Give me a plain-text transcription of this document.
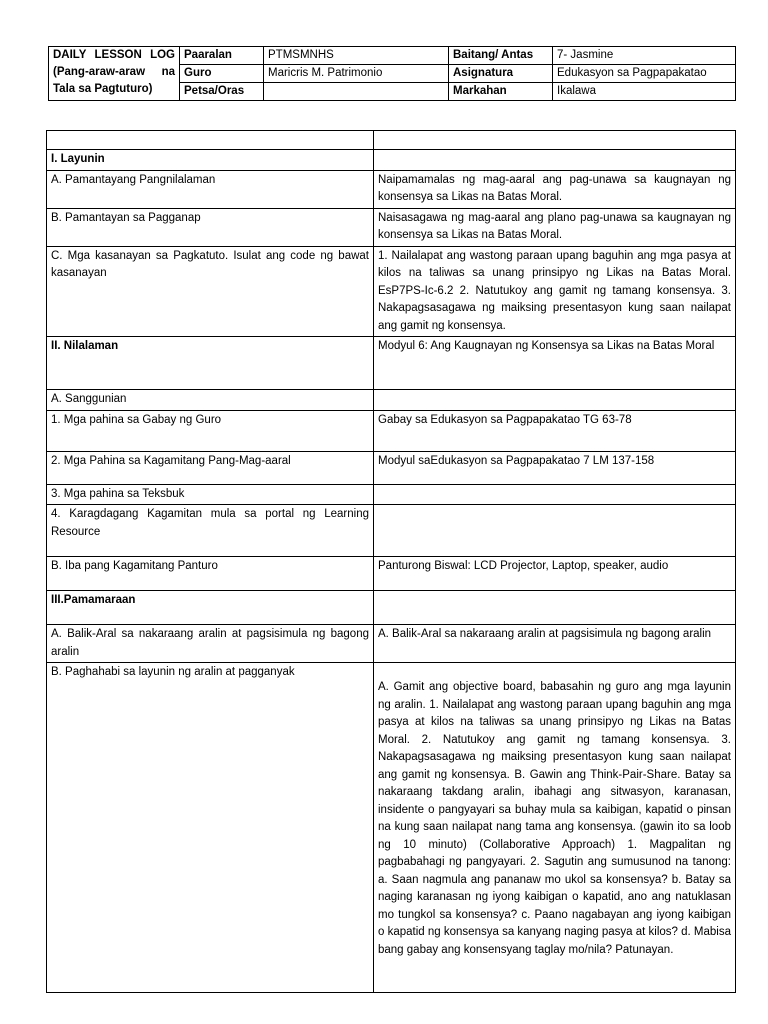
DAILY LESSON LOG
(Pang-araw-araw na
Tala sa Pagtuturo)	Paaralan	PTMSMNHS	Baitang/ Antas	7- Jasmine
	Guro	Maricris M. Patrimonio	Asignatura	Edukasyon sa Pagpapakatao
	Petsa/Oras		Markahan	Ikalawa

I. Layunin	
A. Pamantayang Pangnilalaman	Naipamamalas ng mag-aaral ang pag-unawa sa kaugnayan ng konsensya sa Likas na Batas Moral.
B. Pamantayan sa Pagganap	Naisasagawa ng mag-aaral ang plano pag-unawa sa kaugnayan ng konsensya sa Likas na Batas Moral.
C. Mga kasanayan sa Pagkatuto. Isulat ang code ng bawat kasanayan	1. Nailalapat ang wastong paraan upang baguhin ang mga pasya at kilos na taliwas sa unang prinsipyo ng Likas na Batas Moral. EsP7PS-Ic-6.2 2. Natutukoy ang gamit ng tamang konsensya. 3. Nakapagsasagawa ng maiksing presentasyon kung saan nailapat ang gamit ng konsensya.
II. Nilalaman	Modyul 6: Ang Kaugnayan ng Konsensya sa Likas na Batas Moral
A. Sanggunian	
1. Mga pahina sa Gabay ng Guro	Gabay sa Edukasyon sa Pagpapakatao TG 63-78
2. Mga Pahina sa Kagamitang Pang-Mag-aaral	Modyul saEdukasyon sa Pagpapakatao 7 LM 137-158
3. Mga pahina sa Teksbuk	
4. Karagdagang Kagamitan mula sa portal ng Learning Resource	
B. Iba pang Kagamitang Panturo	Panturong Biswal: LCD Projector, Laptop, speaker, audio
III.Pamamaraan	
A. Balik-Aral sa nakaraang aralin at pagsisimula ng bagong aralin	A. Balik-Aral sa nakaraang aralin at pagsisimula ng bagong aralin
B. Paghahabi sa layunin ng aralin at pagganyak	A. Gamit ang objective board, babasahin ng guro ang mga layunin ng aralin. 1. Nailalapat ang wastong paraan upang baguhin ang mga pasya at kilos na taliwas sa unang prinsipyo ng Likas na Batas Moral. 2. Natutukoy ang gamit ng tamang konsensya. 3. Nakapagsasagawa ng maiksing presentasyon kung saan nailapat ang gamit ng konsensya. B. Gawin ang Think-Pair-Share. Batay sa nakaraang takdang aralin, ibahagi ang sitwasyon, karanasan, insidente o pangyayari sa buhay mula sa kaibigan, kapatid o pinsan na kung saan nailapat nang tama ang konsensya. (gawin ito sa loob ng 10 minuto) (Collaborative Approach) 1. Magpalitan ng pagbabahagi ng pangyayari. 2. Sagutin ang sumusunod na tanong: a. Saan nagmula ang pananaw mo ukol sa konsensya? b. Batay sa naging karanasan ng iyong kaibigan o kapatid, ano ang natuklasan mo tungkol sa konsensya? c. Paano nagabayan ang iyong kaibigan o kapatid ng konsensya sa kanyang naging pasya at kilos? d. Mabisa bang gabay ang konsensyang taglay mo/nila? Patunayan.
